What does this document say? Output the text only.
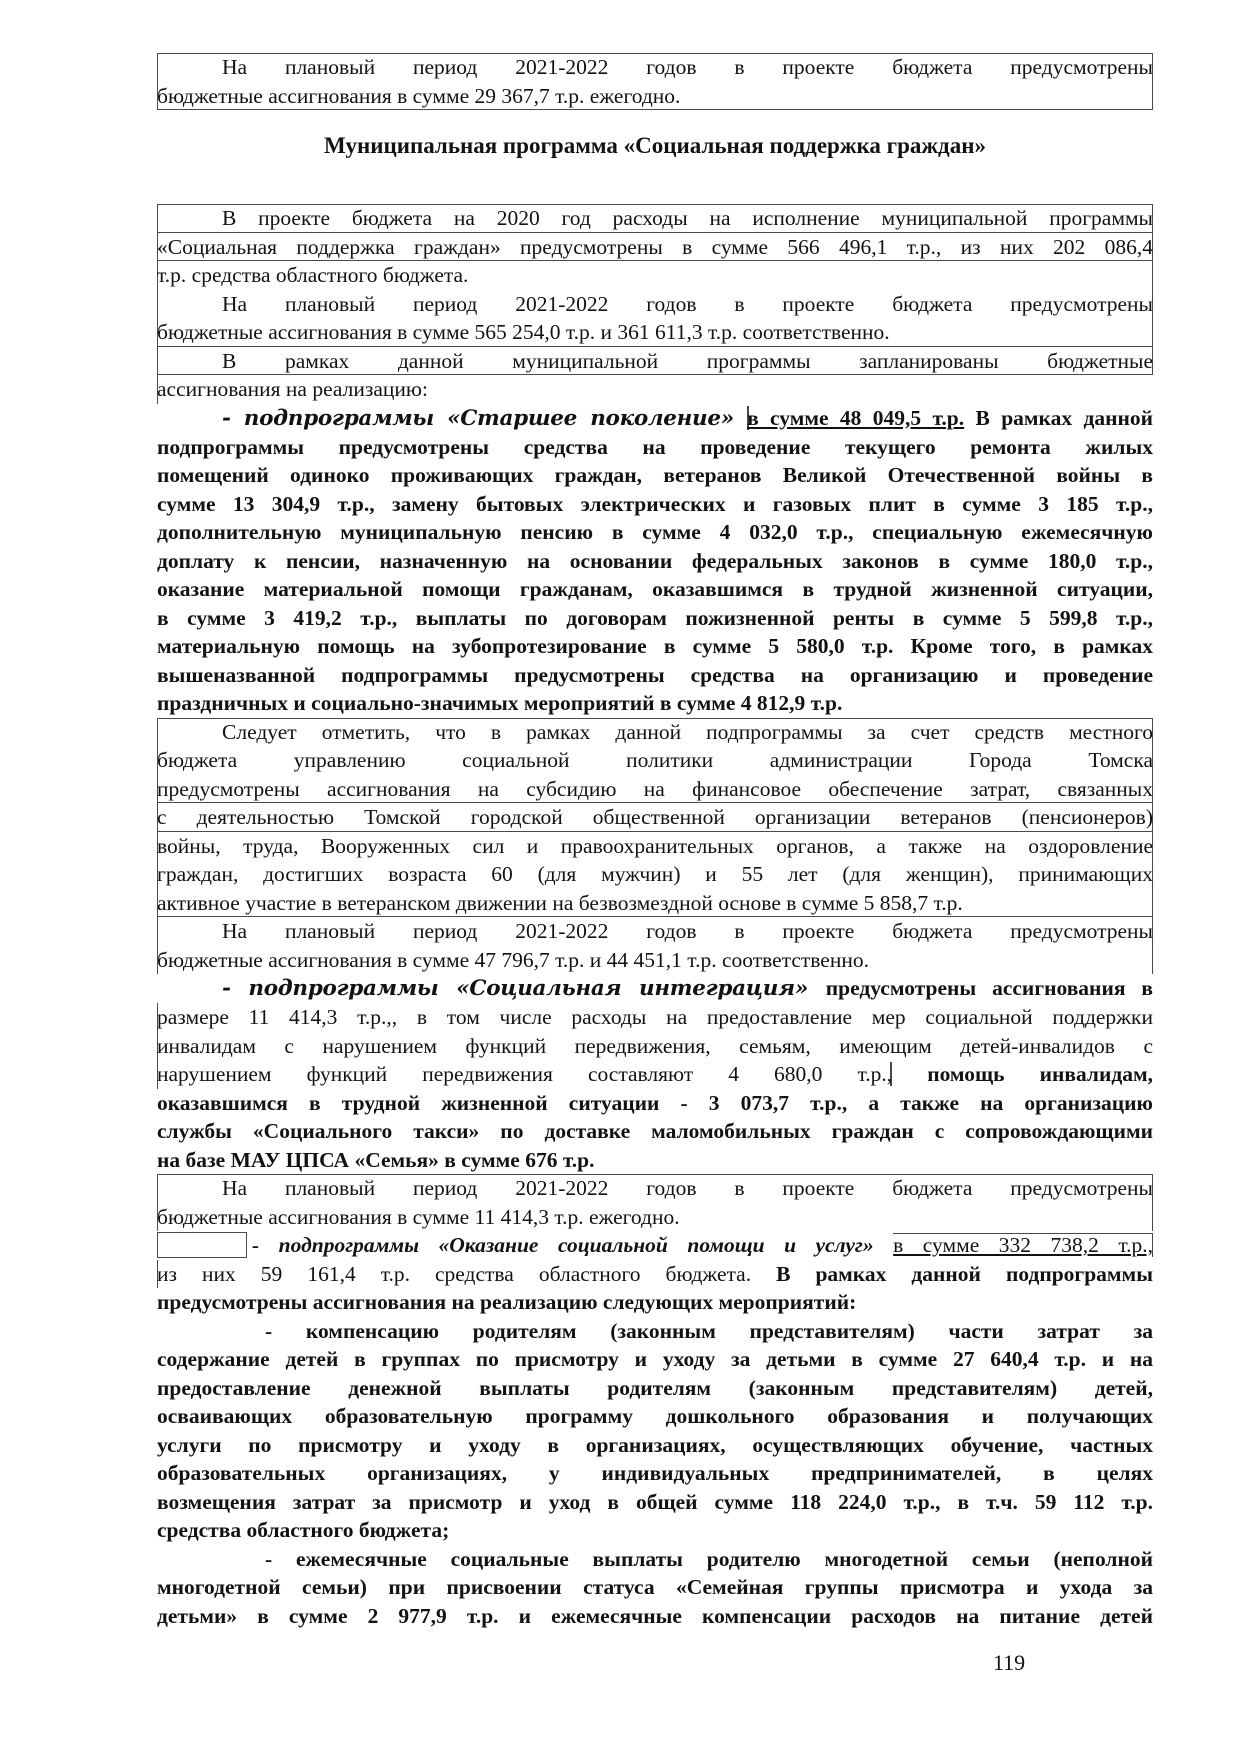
На плановый период 2021-2022 годов в проекте бюджета предусмотрены
бюджетные ассигнования в сумме 29 367,7 т.р. ежегодно.
Муниципальная программа «Социальная поддержка граждан»
В проекте бюджета на 2020 год расходы на исполнение муниципальной программы
«Социальная поддержка граждан» предусмотрены в сумме 566 496,1 т.р., из них 202 086,4
т.р. средства областного бюджета.
На плановый период 2021-2022 годов в проекте бюджета предусмотрены
бюджетные ассигнования в сумме 565 254,0 т.р. и 361 611,3 т.р. соответственно.
В рамках данной муниципальной программы запланированы бюджетные
ассигнования на реализацию:
- подпрограммы «Старшее поколение» в сумме 48 049,5 т.р. В рамках данной
подпрограммы предусмотрены средства на проведение текущего ремонта жилых
помещений одиноко проживающих граждан, ветеранов Великой Отечественной войны в
сумме 13 304,9 т.р., замену бытовых электрических и газовых плит в сумме 3 185 т.р.,
дополнительную муниципальную пенсию в сумме 4 032,0 т.р., специальную ежемесячную
доплату к пенсии, назначенную на основании федеральных законов в сумме 180,0 т.р.,
оказание материальной помощи гражданам, оказавшимся в трудной жизненной ситуации,
в сумме 3 419,2 т.р., выплаты по договорам пожизненной ренты в сумме 5 599,8 т.р.,
материальную помощь на зубопротезирование в сумме 5 580,0 т.р. Кроме того, в рамках
вышеназванной подпрограммы предусмотрены средства на организацию и проведение
праздничных и социально-значимых мероприятий в сумме 4 812,9 т.р.
Следует отметить, что в рамках данной подпрограммы за счет средств местного
бюджета управлению социальной политики администрации Города Томска
предусмотрены ассигнования на субсидию на финансовое обеспечение затрат, связанных
с деятельностью Томской городской общественной организации ветеранов (пенсионеров)
войны, труда, Вооруженных сил и правоохранительных органов, а также на оздоровление
граждан, достигших возраста 60 (для мужчин) и 55 лет (для женщин), принимающих
активное участие в ветеранском движении на безвозмездной основе в сумме 5 858,7 т.р.
На плановый период 2021-2022 годов в проекте бюджета предусмотрены
бюджетные ассигнования в сумме 47 796,7 т.р. и 44 451,1 т.р. соответственно.
- подпрограммы «Социальная интеграция» предусмотрены ассигнования в
размере 11 414,3 т.р.,, в том числе расходы на предоставление мер социальной поддержки
инвалидам с нарушением функций передвижения, семьям, имеющим детей-инвалидов с
нарушением функций передвижения составляют 4 680,0 т.р., помощь инвалидам,
оказавшимся в трудной жизненной ситуации - 3 073,7 т.р., а также на организацию
службы «Социального такси» по доставке маломобильных граждан с сопровождающими
на базе МАУ ЦПСА «Семья» в сумме 676 т.р.
На плановый период 2021-2022 годов в проекте бюджета предусмотрены
бюджетные ассигнования в сумме 11 414,3 т.р. ежегодно.
- подпрограммы «Оказание социальной помощи и услуг» в сумме 332 738,2 т.р.,
из них 59 161,4 т.р. средства областного бюджета. В рамках данной подпрограммы
предусмотрены ассигнования на реализацию следующих мероприятий:
- компенсацию родителям (законным представителям) части затрат за
содержание детей в группах по присмотру и уходу за детьми в сумме 27 640,4 т.р. и на
предоставление денежной выплаты родителям (законным представителям) детей,
осваивающих образовательную программу дошкольного образования и получающих
услуги по присмотру и уходу в организациях, осуществляющих обучение, частных
образовательных организациях, у индивидуальных предпринимателей, в целях
возмещения затрат за присмотр и уход в общей сумме 118 224,0 т.р., в т.ч. 59 112 т.р.
средства областного бюджета;
- ежемесячные социальные выплаты родителю многодетной семьи (неполной
многодетной семьи) при присвоении статуса «Семейная группы присмотра и ухода за
детьми» в сумме 2 977,9 т.р. и ежемесячные компенсации расходов на питание детей
119
